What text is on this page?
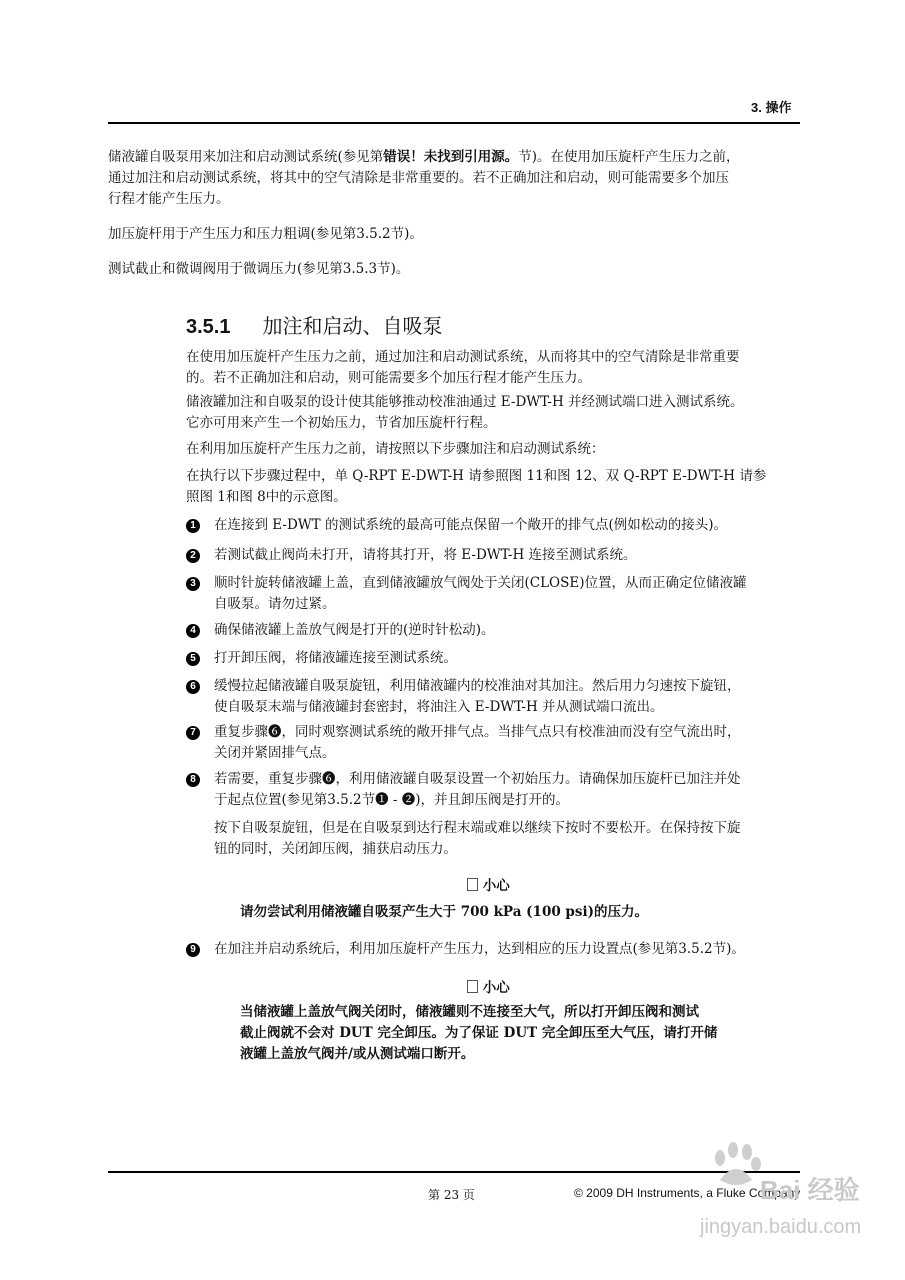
3. 操作
储液罐自吸泵用来加注和启动测试系统(参见第错误！未找到引用源。节)。在使用加压旋杆产生压力之前，
通过加注和启动测试系统，将其中的空气清除是非常重要的。若不正确加注和启动，则可能需要多个加压
行程才能产生压力。
加压旋杆用于产生压力和压力粗调(参见第3.5.2节)。
测试截止和微调阀用于微调压力(参见第3.5.3节)。
3.5.1 加注和启动、自吸泵
在使用加压旋杆产生压力之前，通过加注和启动测试系统，从而将其中的空气清除是非常重要
的。若不正确加注和启动，则可能需要多个加压行程才能产生压力。
储液罐加注和自吸泵的设计使其能够推动校准油通过 E-DWT-H 并经测试端口进入测试系统。
它亦可用来产生一个初始压力，节省加压旋杆行程。
在利用加压旋杆产生压力之前，请按照以下步骤加注和启动测试系统：
在执行以下步骤过程中，单 Q-RPT E-DWT-H 请参照图 11和图 12、双 Q-RPT E-DWT-H 请参
照图 1和图 8中的示意图。
1	在连接到 E-DWT 的测试系统的最高可能点保留一个敞开的排气点(例如松动的接头)。
2	若测试截止阀尚未打开，请将其打开，将 E-DWT-H 连接至测试系统。
3	顺时针旋转储液罐上盖，直到储液罐放气阀处于关闭(CLOSE)位置，从而正确定位储液罐
自吸泵。请勿过紧。
4	确保储液罐上盖放气阀是打开的(逆时针松动)。
5	打开卸压阀，将储液罐连接至测试系统。
6	缓慢拉起储液罐自吸泵旋钮，利用储液罐内的校准油对其加注。然后用力匀速按下旋钮，
使自吸泵末端与储液罐封套密封，将油注入 E-DWT-H 并从测试端口流出。
7	重复步骤❻，同时观察测试系统的敞开排气点。当排气点只有校准油而没有空气流出时，
关闭并紧固排气点。
8	若需要，重复步骤❻，利用储液罐自吸泵设置一个初始压力。请确保加压旋杆已加注并处
于起点位置(参见第3.5.2节❶ - ❷)，并且卸压阀是打开的。
按下自吸泵旋钮，但是在自吸泵到达行程末端或难以继续下按时不要松开。在保持按下旋
钮的同时，关闭卸压阀，捕获启动压力。
小心
请勿尝试利用储液罐自吸泵产生大于 700 kPa (100 psi)的压力。
9	在加注并启动系统后，利用加压旋杆产生压力，达到相应的压力设置点(参见第3.5.2节)。
小心
当储液罐上盖放气阀关闭时，储液罐则不连接至大气，所以打开卸压阀和测试
截止阀就不会对 DUT 完全卸压。为了保证 DUT 完全卸压至大气压，请打开储
液罐上盖放气阀并/或从测试端口断开。
第 23 页	© 2009 DH Instruments, a Fluke Company
Bai 经验
jingyan.baidu.com
